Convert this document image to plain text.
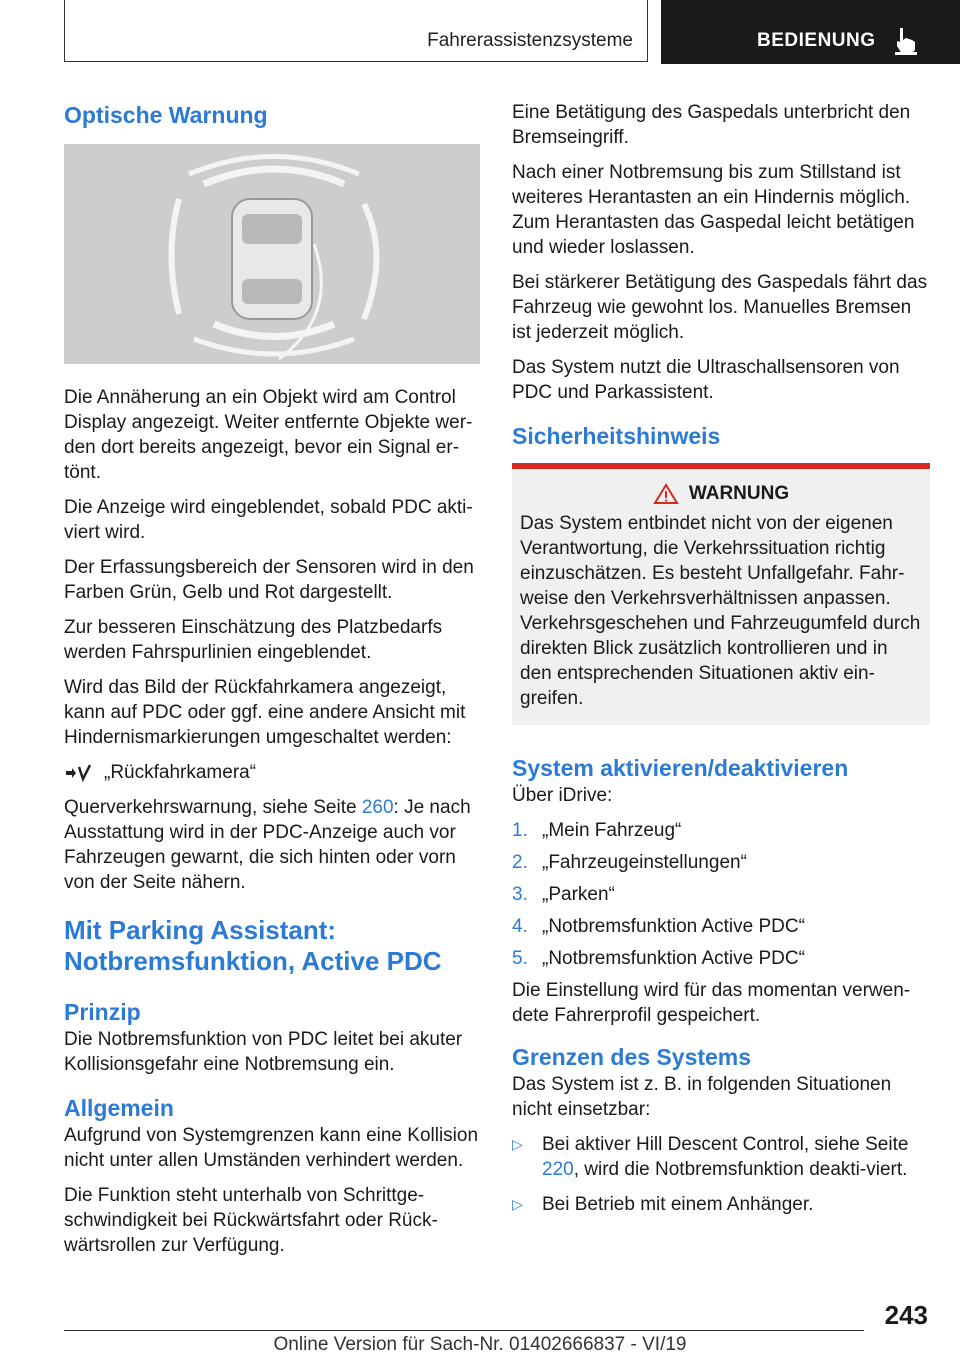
Fahrerassistenzsysteme	BEDIENUNG
Optische Warnung

Die Annäherung an ein Objekt wird am Control Display angezeigt. Weiter entfernte Objekte wer-den dort bereits angezeigt, bevor ein Signal er-tönt.

Die Anzeige wird eingeblendet, sobald PDC akti-viert wird.

Der Erfassungsbereich der Sensoren wird in den Farben Grün, Gelb und Rot dargestellt.

Zur besseren Einschätzung des Platzbedarfs werden Fahrspurlinien eingeblendet.

Wird das Bild der Rückfahrkamera angezeigt, kann auf PDC oder ggf. eine andere Ansicht mit Hindernismarkierungen umgeschaltet werden:

„Rückfahrkamera“

Querverkehrswarnung, siehe Seite 260: Je nach Ausstattung wird in der PDC-Anzeige auch vor Fahrzeugen gewarnt, die sich hinten oder vorn von der Seite nähern.

Mit Parking Assistant: Notbremsfunktion, Active PDC
Prinzip

Die Notbremsfunktion von PDC leitet bei akuter Kollisionsgefahr eine Notbremsung ein.

Allgemein

Aufgrund von Systemgrenzen kann eine Kollision nicht unter allen Umständen verhindert werden.

Die Funktion steht unterhalb von Schrittge-schwindigkeit bei Rückwärtsfahrt oder Rück-wärtsrollen zur Verfügung.

Eine Betätigung des Gaspedals unterbricht den Bremseingriff.

Nach einer Notbremsung bis zum Stillstand ist weiteres Herantasten an ein Hindernis möglich. Zum Herantasten das Gaspedal leicht betätigen und wieder loslassen.

Bei stärkerer Betätigung des Gaspedals fährt das Fahrzeug wie gewohnt los. Manuelles Bremsen ist jederzeit möglich.

Das System nutzt die Ultraschallsensoren von PDC und Parkassistent.

Sicherheitshinweis
WARNUNG

Das System entbindet nicht von der eigenen Verantwortung, die Verkehrssituation richtig einzuschätzen. Es besteht Unfallgefahr. Fahr-weise den Verkehrsverhältnissen anpassen. Verkehrsgeschehen und Fahrzeugumfeld durch direkten Blick zusätzlich kontrollieren und in den entsprechenden Situationen aktiv ein-greifen.

System aktivieren/deaktivieren

Über iDrive:

1. „Mein Fahrzeug“
2. „Fahrzeugeinstellungen“
3. „Parken“
4. „Notbremsfunktion Active PDC“
5. „Notbremsfunktion Active PDC“

Die Einstellung wird für das momentan verwen-dete Fahrerprofil gespeichert.

Grenzen des Systems

Das System ist z. B. in folgenden Situationen nicht einsetzbar:

▷	Bei aktiver Hill Descent Control, siehe Seite 220, wird die Notbremsfunktion deakti-viert.
▷	Bei Betrieb mit einem Anhänger.
243
Online Version für Sach-Nr. 01402666837 - VI/19
